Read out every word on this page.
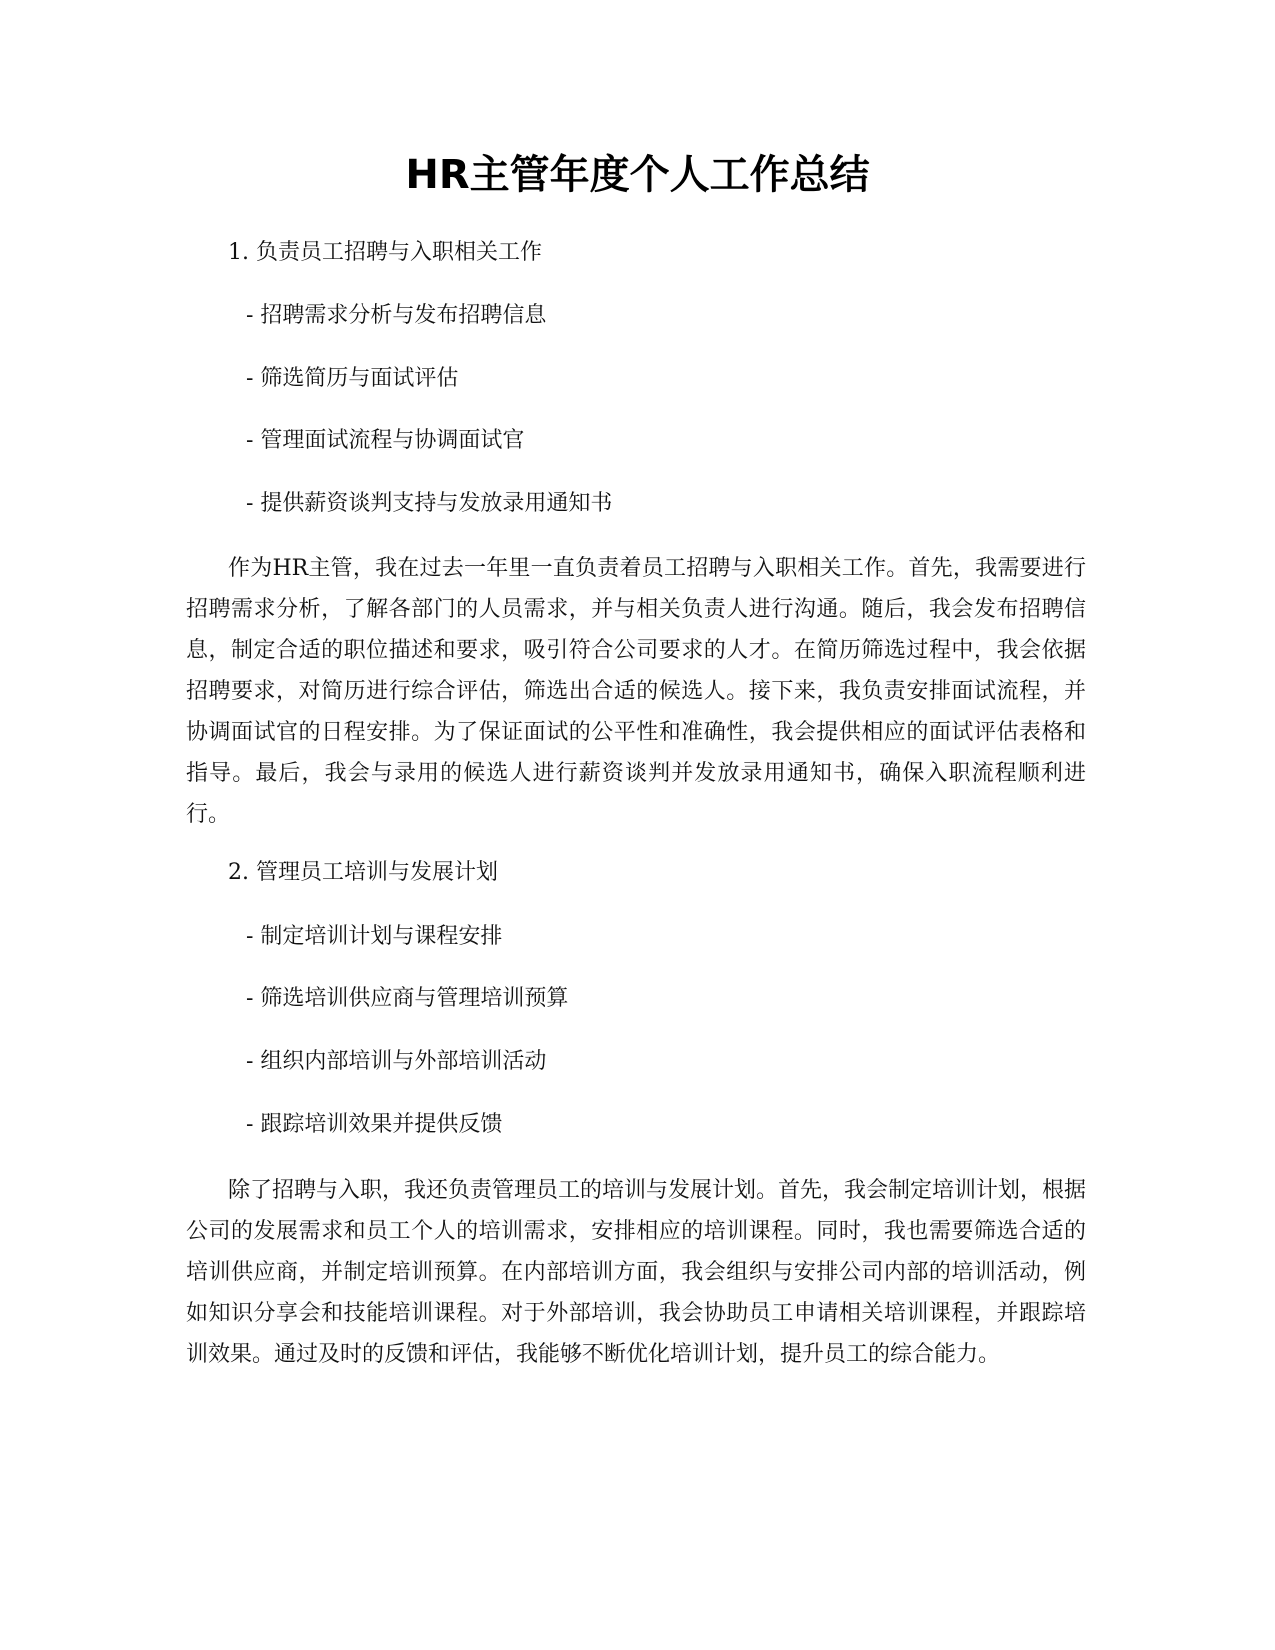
HR主管年度个人工作总结

1. 负责员工招聘与入职相关工作

- 招聘需求分析与发布招聘信息

- 筛选简历与面试评估

- 管理面试流程与协调面试官

- 提供薪资谈判支持与发放录用通知书

作为HR主管，我在过去一年里一直负责着员工招聘与入职相关工作。首先，我需要进行招聘需求分析，了解各部门的人员需求，并与相关负责人进行沟通。随后，我会发布招聘信息，制定合适的职位描述和要求，吸引符合公司要求的人才。在简历筛选过程中，我会依据招聘要求，对简历进行综合评估，筛选出合适的候选人。接下来，我负责安排面试流程，并协调面试官的日程安排。为了保证面试的公平性和准确性，我会提供相应的面试评估表格和指导。最后，我会与录用的候选人进行薪资谈判并发放录用通知书，确保入职流程顺利进行。

2. 管理员工培训与发展计划

- 制定培训计划与课程安排

- 筛选培训供应商与管理培训预算

- 组织内部培训与外部培训活动

- 跟踪培训效果并提供反馈

除了招聘与入职，我还负责管理员工的培训与发展计划。首先，我会制定培训计划，根据公司的发展需求和员工个人的培训需求，安排相应的培训课程。同时，我也需要筛选合适的培训供应商，并制定培训预算。在内部培训方面，我会组织与安排公司内部的培训活动，例如知识分享会和技能培训课程。对于外部培训，我会协助员工申请相关培训课程，并跟踪培训效果。通过及时的反馈和评估，我能够不断优化培训计划，提升员工的综合能力。
